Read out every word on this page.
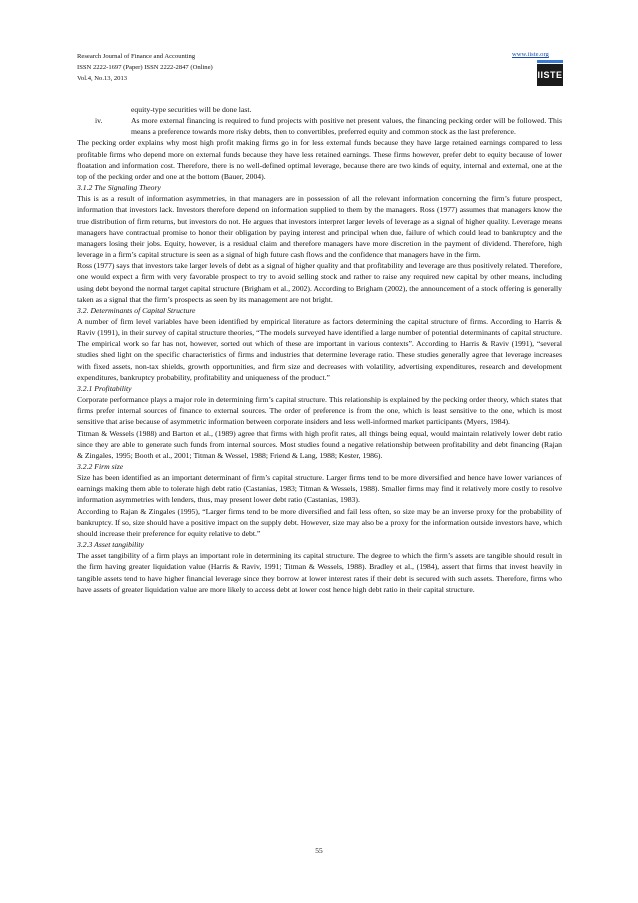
Research Journal of Finance and Accounting
ISSN 2222-1697 (Paper) ISSN 2222-2847 (Online)
Vol.4, No.13, 2013
www.iiste.org
IISTE

equity-type securities will be done last.

iv.	As more external financing is required to fund projects with positive net present values, the financing pecking order will be followed. This means a preference towards more risky debts, then to convertibles, preferred equity and common stock as the last preference.

The pecking order explains why most high profit making firms go in for less external funds because they have large retained earnings compared to less profitable firms who depend more on external funds because they have less retained earnings. These firms however, prefer debt to equity because of lower floatation and information cost. Therefore, there is no well-defined optimal leverage, because there are two kinds of equity, internal and external, one at the top of the pecking order and one at the bottom (Bauer, 2004).

3.1.2 The Signaling Theory

This is as a result of information asymmetries, in that managers are in possession of all the relevant information concerning the firm’s future prospect, information that investors lack. Investors therefore depend on information supplied to them by the managers. Ross (1977) assumes that managers know the true distribution of firm returns, but investors do not. He argues that investors interpret larger levels of leverage as a signal of higher quality. Leverage means managers have contractual promise to honor their obligation by paying interest and principal when due, failure of which could lead to bankruptcy and the managers losing their jobs. Equity, however, is a residual claim and therefore managers have more discretion in the payment of dividend. Therefore, high leverage in a firm’s capital structure is seen as a signal of high future cash flows and the confidence that managers have in the firm.

Ross (1977) says that investors take larger levels of debt as a signal of higher quality and that profitability and leverage are thus positively related. Therefore, one would expect a firm with very favorable prospect to try to avoid selling stock and rather to raise any required new capital by other means, including using debt beyond the normal target capital structure (Brigham et al., 2002). According to Brigham (2002), the announcement of a stock offering is generally taken as a signal that the firm’s prospects as seen by its management are not bright.

3.2. Determinants of Capital Structure

A number of firm level variables have been identified by empirical literature as factors determining the capital structure of firms. According to Harris & Raviv (1991), in their survey of capital structure theories, “The models surveyed have identified a large number of potential determinants of capital structure. The empirical work so far has not, however, sorted out which of these are important in various contexts”. According to Harris & Raviv (1991), “several studies shed light on the specific characteristics of firms and industries that determine leverage ratio. These studies generally agree that leverage increases with fixed assets, non-tax shields, growth opportunities, and firm size and decreases with volatility, advertising expenditures, research and development expenditures, bankruptcy probability, profitability and uniqueness of the product.”

3.2.1 Profitability

Corporate performance plays a major role in determining firm’s capital structure. This relationship is explained by the pecking order theory, which states that firms prefer internal sources of finance to external sources. The order of preference is from the one, which is least sensitive to the one, which is most sensitive that arise because of asymmetric information between corporate insiders and less well-informed market participants (Myers, 1984).

Titman & Wessels (1988) and Barton et al., (1989) agree that firms with high profit rates, all things being equal, would maintain relatively lower debt ratio since they are able to generate such funds from internal sources. Most studies found a negative relationship between profitability and debt financing (Rajan & Zingales, 1995; Booth et al., 2001; Titman & Wessel, 1988; Friend & Lang, 1988; Kester, 1986).

3.2.2 Firm size

Size has been identified as an important determinant of firm’s capital structure. Larger firms tend to be more diversified and hence have lower variances of earnings making them able to tolerate high debt ratio (Castanias, 1983; Titman & Wessels, 1988). Smaller firms may find it relatively more costly to resolve information asymmetries with lenders, thus, may present lower debt ratio (Castanias, 1983).

According to Rajan & Zingales (1995), “Larger firms tend to be more diversified and fail less often, so size may be an inverse proxy for the probability of bankruptcy. If so, size should have a positive impact on the supply debt. However, size may also be a proxy for the information outside investors have, which should increase their preference for equity relative to debt.”

3.2.3 Asset tangibility

The asset tangibility of a firm plays an important role in determining its capital structure. The degree to which the firm’s assets are tangible should result in the firm having greater liquidation value (Harris & Raviv, 1991; Titman & Wessels, 1988). Bradley et al., (1984), assert that firms that invest heavily in tangible assets tend to have higher financial leverage since they borrow at lower interest rates if their debt is secured with such assets. Therefore, firms who have assets of greater liquidation value are more likely to access debt at lower cost hence high debt ratio in their capital structure.

55
